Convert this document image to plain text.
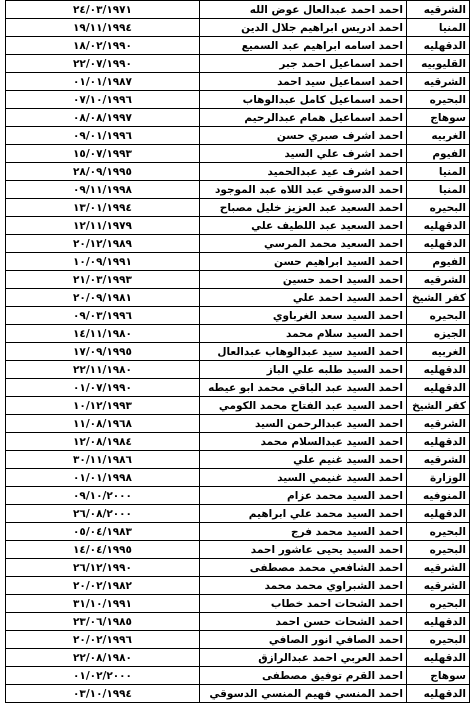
الشرقيه	احمد احمد عبدالعال عوض الله	٢٤/٠٣/١٩٧١
المنيا	احمد ادريس ابراهيم جلال الدين	١٩/١١/١٩٩٤
الدقهليه	احمد اسامه ابراهيم عبد السميع	١٨/٠٢/١٩٩٠
القليوبيه	احمد اسماعيل احمد جبر	٢٢/٠٧/١٩٩٠
الشرقيه	احمد اسماعيل سيد احمد	٠١/٠١/١٩٨٧
البحيره	احمد اسماعيل كامل عبدالوهاب	٠٧/١٠/١٩٩٦
سوهاج	احمد اسماعيل همام عبدالرحيم	٠٨/٠٨/١٩٩٧
الغربيه	احمد اشرف صبري حسن	٠٩/٠١/١٩٩٦
الفيوم	احمد اشرف علي السيد	١٥/٠٧/١٩٩٣
المنيا	احمد اشرف عيد عبدالحميد	٢٨/٠٩/١٩٩٥
المنيا	احمد الدسوقي عبد اللاه عبد الموجود	٠٩/١١/١٩٩٨
البحيره	احمد السعيد عبد العزيز خليل مصباح	١٣/٠١/١٩٩٤
الدقهليه	احمد السعيد عبد اللطيف علي	١٢/١١/١٩٧٩
الدقهليه	احمد السعيد محمد المرسي	٢٠/١٢/١٩٨٩
الفيوم	احمد السيد ابراهيم حسن	١٠/٠٩/١٩٩١
الشرقيه	احمد السيد احمد حسين	٢١/٠٣/١٩٩٣
كفر الشيخ	احمد السيد احمد علي	٢٠/٠٩/١٩٨١
البحيره	احمد السيد سعد الغرباوي	٠٩/٠٣/١٩٩٦
الجيزه	احمد السيد سلام محمد	١٤/١١/١٩٨٠
الغربيه	احمد السيد سيد عبدالوهاب عبدالعال	١٧/٠٩/١٩٩٥
الدقهليه	احمد السيد طلبه علي الباز	٢٢/١١/١٩٨٠
الدقهليه	احمد السيد عبد الباقي محمد ابو عيطه	٠١/٠٧/١٩٩٠
كفر الشيخ	احمد السيد عبد الفتاح محمد الكومي	١٠/١٢/١٩٩٣
الشرقيه	احمد السيد عبدالرحمن السيد	١١/٠٨/١٩٦٨
الدقهليه	احمد السيد عبدالسلام محمد	١٢/٠٨/١٩٨٤
الشرقيه	احمد السيد غنيم علي	٣٠/١١/١٩٨٦
الوزارة	احمد السيد غنيمي السيد	٠١/٠١/١٩٩٨
المنوفيه	احمد السيد محمد عزام	٠٩/١٠/٢٠٠٠
الدقهليه	احمد السيد محمد علي ابراهيم	٢٦/٠٨/٢٠٠٠
البحيره	احمد السيد محمد فرج	٠٥/٠٤/١٩٨٣
البحيره	احمد السيد يحيى عاشور احمد	١٤/٠٤/١٩٩٥
الشرقيه	احمد الشافعي محمد مصطفى	٢٦/١٢/١٩٩٠
الشرقيه	احمد الشبراوي محمد محمد	٢٠/٠٢/١٩٨٢
البحيره	احمد الشحات احمد خطاب	٣١/١٠/١٩٩١
الدقهليه	احمد الشحات حسن احمد	٢٣/٠٦/١٩٨٥
البحيره	احمد الصافي انور الصافي	٢٠/٠٢/١٩٩٦
الدقهليه	احمد العربي احمد عبدالرازق	٢٢/٠٨/١٩٨٠
سوهاج	احمد القرم توفيق مصطفى	٠١/٠٢/٢٠٠٠
الدقهليه	احمد المنسي فهيم المنسي الدسوقي	٠٣/١٠/١٩٩٤
